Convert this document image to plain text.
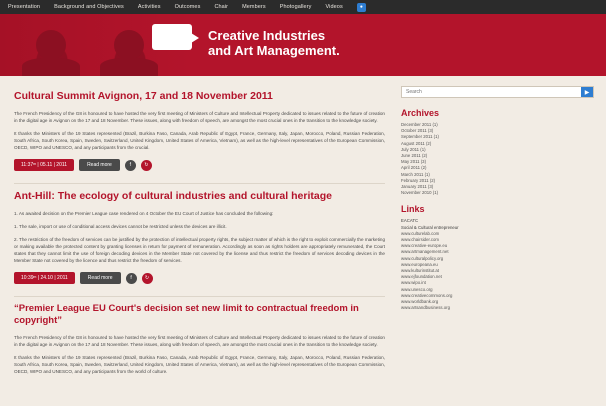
Presentation	Background and Objectives	Activities	Outcomes	Chair	Members	Photogallery	Videos	●
Creative Industries
and Art Management.
Cultural Summit Avignon, 17 and 18 November 2011

The French Presidency of the G8 is honoured to have hosted the very first meeting of Ministers of Culture and Intellectual Property dedicated to issues related to the future of creation in the digital age in Avignon on the 17 and 18 November. These issues, along with freedom of speech, are amongst the most crucial ones in the transition to the knowledge society.

It thanks the Ministers of the 19 States represented (Brazil, Burkina Faso, Canada, Arab Republic of Egypt, France, Germany, Italy, Japan, Morocco, Poland, Russian Federation, South Africa, South Korea, Spain, Sweden, Switzerland, United Kingdom, United States of America, Vietnam), as well as the high-level representatives of the European Commission, OECD, WIPO and UNESCO, and any participants from the crucial.

11:37ᵐ | 05.11 | 2011	Read more	f	↻
Ant-Hill: The ecology of cultural industries and cultural heritage

1. As awaited decision on the Premier League case rendered on 4 October the EU Court of Justice has concluded the following:

1. The sale, import or use of conditional access devices cannot be restricted unless the devices are illicit.

2. The restriction of the freedom of services can be justified by the protection of intellectual property rights, the subject matter of which is the right to exploit commercially the marketing or making available the protected content by granting licenses in return for payment of remuneration. Accordingly as soon as rights holders are appropriately remunerated, the Court states that they cannot limit the use of foreign decoding devices in the Member State not covered by the license and thus restrict the freedom of services decoding devices in the Member State not covered by the licence and thus restrict the freedom of services.

10:39ᵐ | 24.10 | 2011	Read more	f	↻
“Premier League EU Court's decision set new limit to contractual freedom in copyright”

The French Presidency of the G8 is honoured to have hosted the very first meeting of Ministers of Culture and Intellectual Property dedicated to issues related to the future of creation in the digital age in Avignon on the 17 and 18 November. These issues, along with freedom of speech, are amongst the most crucial ones in the transition to the knowledge society.

It thanks the Ministers of the 19 States represented (Brazil, Burkina Faso, Canada, Arab Republic of Egypt, France, Germany, Italy, Japan, Morocco, Poland, Russian Federation, South Africa, South Korea, Spain, Sweden, Switzerland, United Kingdom, United States of America, Vietnam), as well as the high-level representatives of the European Commission, OECD, WIPO and UNESCO, and any participants from the world of culture.

Search
▶
Archives
December 2011 (1)
October 2011 (3)
September 2011 (1)
August 2011 (2)
July 2011 (1)
June 2011 (2)
May 2011 (3)
April 2011 (2)
March 2011 (1)
February 2011 (2)
January 2011 (3)
November 2010 (1)
Links
EACATC
Social & Cultural entrepreneur
www.culturelab.com
www.chairsider.com
www.creative-europe.eu
www.artmanagement.net
www.culturalpolicy.org
www.europeana.eu
www.kulturinstitut.at
www.ejfoundation.net
www.wipo.int
www.unesco.org
www.creativecommons.org
www.worldbank.org
www.artsandbusiness.org
